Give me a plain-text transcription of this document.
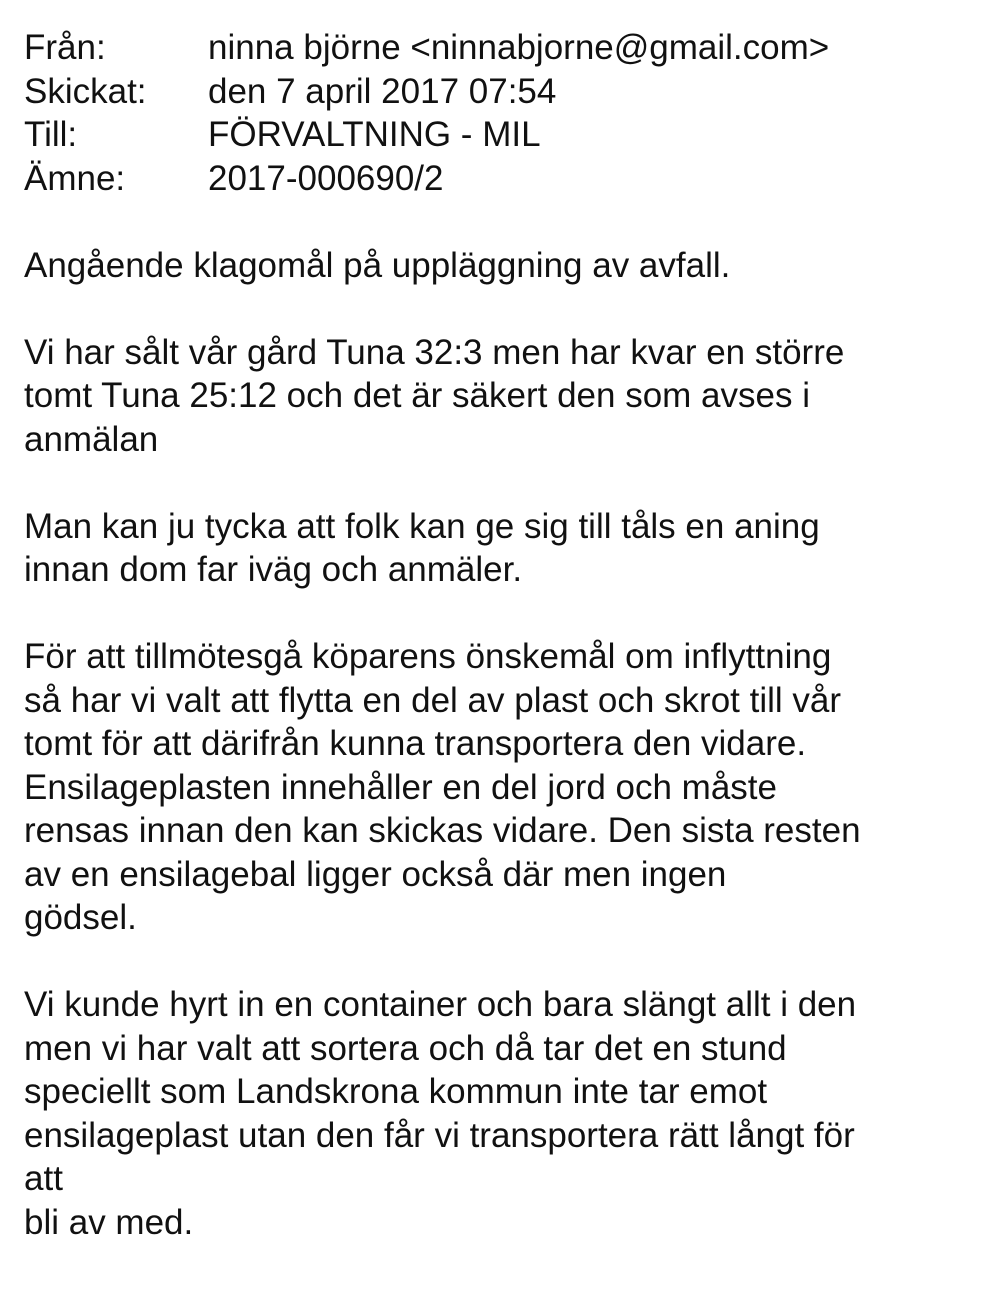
Från:	ninna björne <ninnabjorne@gmail.com>
Skickat:	den 7 april 2017 07:54
Till:	FÖRVALTNING - MIL
Ämne:	2017-000690/2
Angående klagomål på uppläggning av avfall.
Vi har sålt vår gård Tuna 32:3 men har kvar en större
tomt Tuna 25:12 och det är säkert den som avses i
anmälan
Man kan ju tycka att folk kan ge sig till tåls en aning
innan dom far iväg och anmäler.
För att tillmötesgå köparens önskemål om inflyttning
så har vi valt att flytta en del av plast och skrot till vår
tomt för att därifrån kunna transportera den vidare.
Ensilageplasten innehåller en del jord och måste
rensas innan den kan skickas vidare. Den sista resten
av en ensilagebal ligger också där men ingen
gödsel.
Vi kunde hyrt in en container och bara slängt allt i den
men vi har valt att sortera och då tar det en stund
speciellt som Landskrona kommun inte tar emot
ensilageplast utan den får vi transportera rätt långt för
att
bli av med.
